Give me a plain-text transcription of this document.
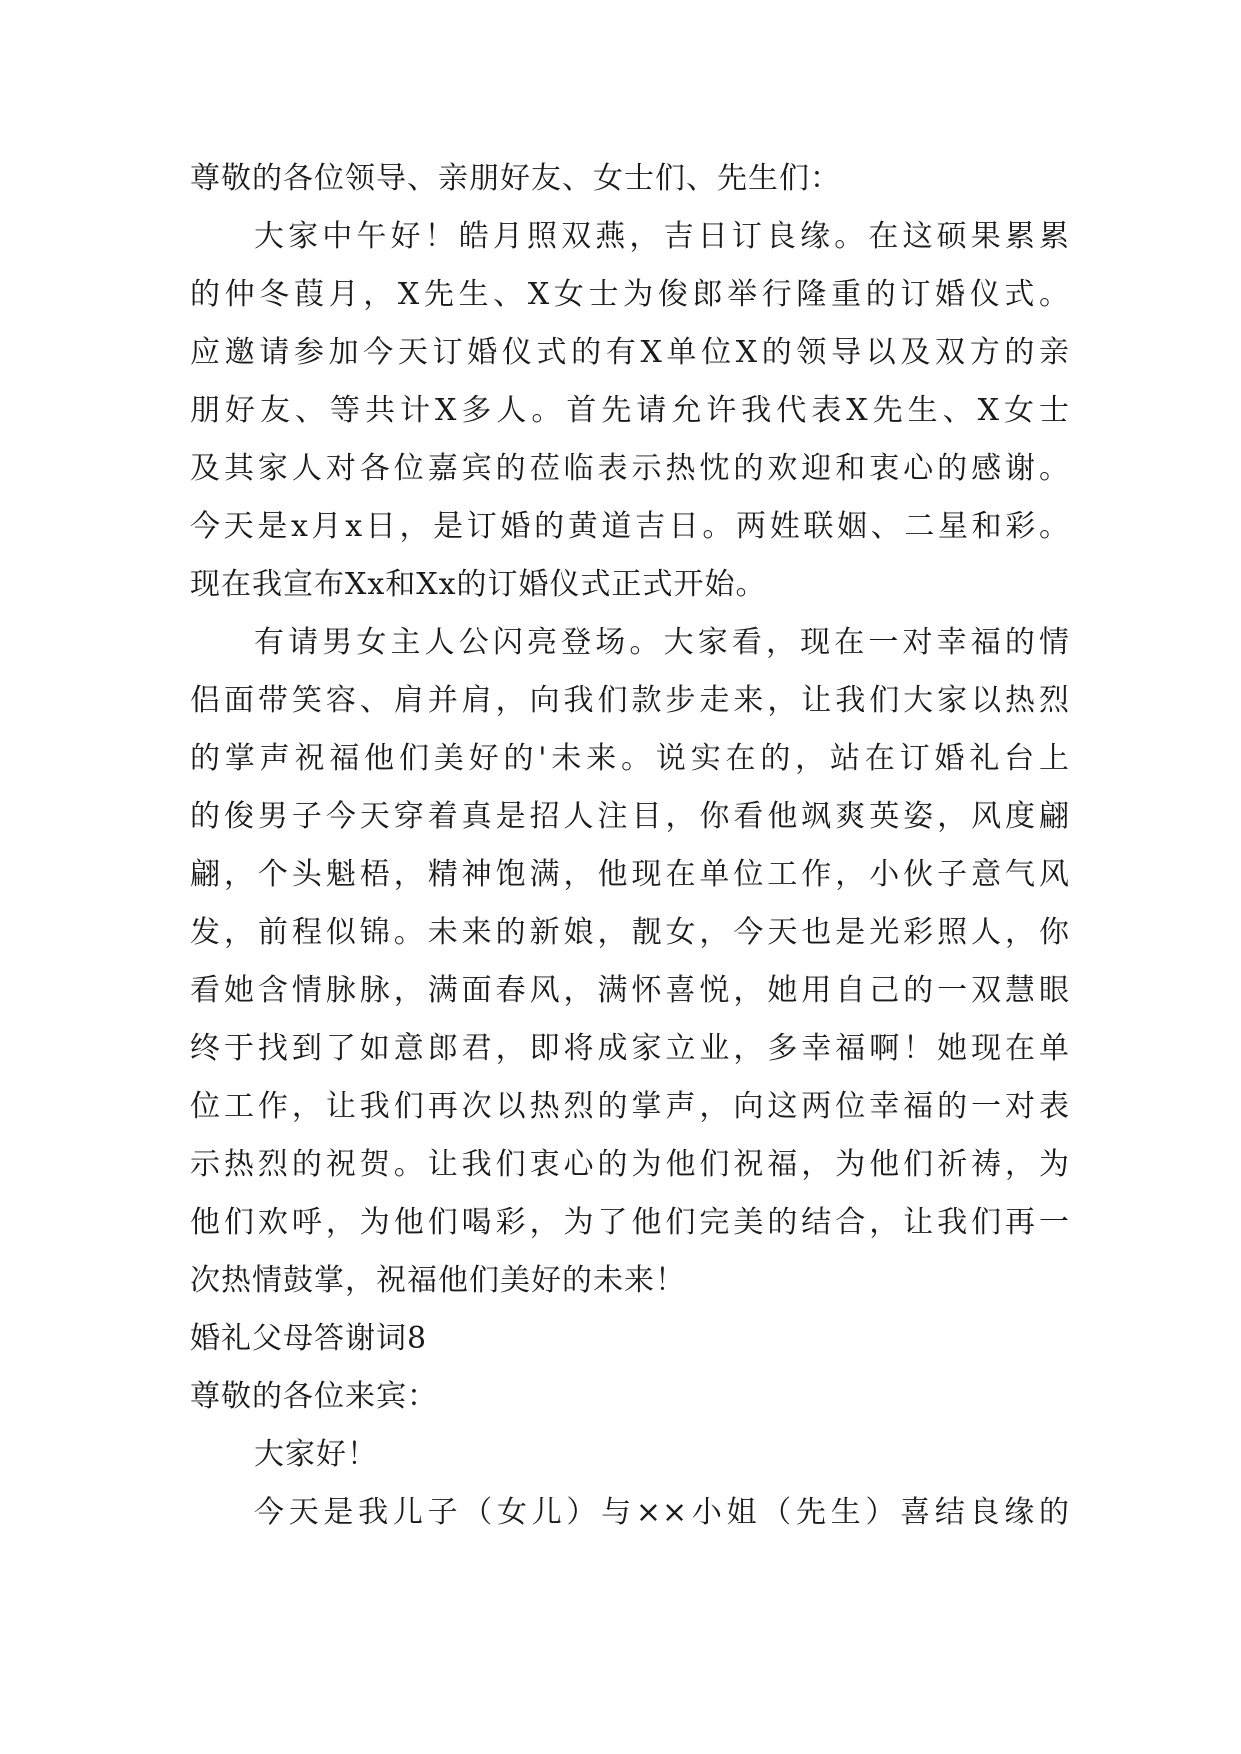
尊敬的各位领导、亲朋好友、女士们、先生们：
大家中午好！皓月照双燕，吉日订良缘。在这硕果累累
的仲冬葭月，X先生、X女士为俊郎举行隆重的订婚仪式。
应邀请参加今天订婚仪式的有X单位X的领导以及双方的亲
朋好友、等共计X多人。首先请允许我代表X先生、X女士
及其家人对各位嘉宾的莅临表示热忱的欢迎和衷心的感谢。
今天是x月x日，是订婚的黄道吉日。两姓联姻、二星和彩。
现在我宣布Xx和Xx的订婚仪式正式开始。
有请男女主人公闪亮登场。大家看，现在一对幸福的情
侣面带笑容、肩并肩，向我们款步走来，让我们大家以热烈
的掌声祝福他们美好的'未来。说实在的，站在订婚礼台上
的俊男子今天穿着真是招人注目，你看他飒爽英姿，风度翩
翩，个头魁梧，精神饱满，他现在单位工作，小伙子意气风
发，前程似锦。未来的新娘，靓女，今天也是光彩照人，你
看她含情脉脉，满面春风，满怀喜悦，她用自己的一双慧眼
终于找到了如意郎君，即将成家立业，多幸福啊！她现在单
位工作，让我们再次以热烈的掌声，向这两位幸福的一对表
示热烈的祝贺。让我们衷心的为他们祝福，为他们祈祷，为
他们欢呼，为他们喝彩，为了他们完美的结合，让我们再一
次热情鼓掌，祝福他们美好的未来！
婚礼父母答谢词8
尊敬的各位来宾：
大家好！
今天是我儿子（女儿）与××小姐（先生）喜结良缘的
